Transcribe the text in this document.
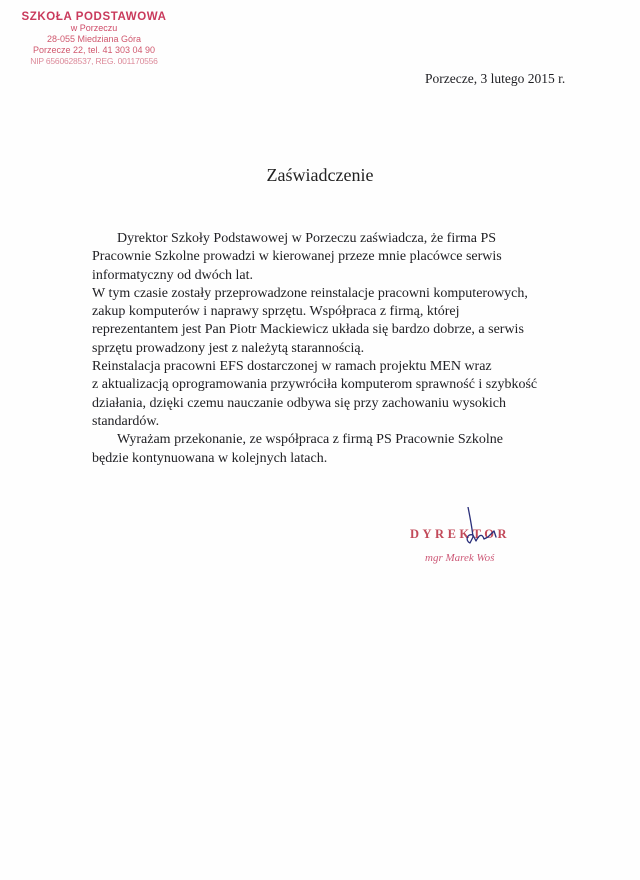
SZKOŁA PODSTAWOWA
w Porzeczu
28-055 Miedziana Góra
Porzecze 22, tel. 41 303 04 90
NIP 6560628537, REG. 001170556
Porzecze, 3 lutego 2015 r.
Zaświadczenie
Dyrektor Szkoły Podstawowej w Porzeczu zaświadcza, że firma PS
Pracownie Szkolne prowadzi w kierowanej przeze mnie placówce serwis
informatyczny od dwóch lat.
W tym czasie zostały przeprowadzone reinstalacje pracowni komputerowych,
zakup komputerów i naprawy sprzętu. Współpraca z firmą, której
reprezentantem jest Pan Piotr Mackiewicz układa się bardzo dobrze, a serwis
sprzętu prowadzony jest z należytą starannością.
Reinstalacja pracowni EFS dostarczonej w ramach projektu MEN wraz
z aktualizacją oprogramowania przywróciła komputerom sprawność i szybkość
działania, dzięki czemu nauczanie odbywa się przy zachowaniu wysokich
standardów.
Wyrażam przekonanie, ze współpraca z firmą PS Pracownie Szkolne
będzie kontynuowana w kolejnych latach.
DYREKTOR
mgr Marek Woś
